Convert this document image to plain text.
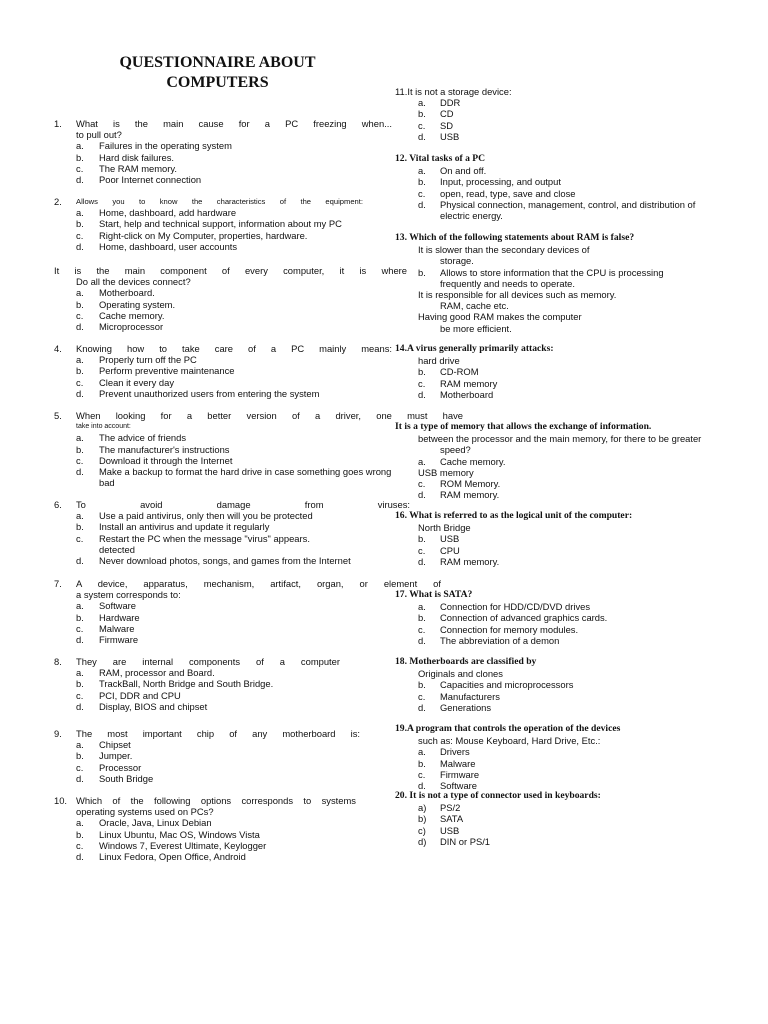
QUESTIONNAIRE ABOUT
COMPUTERS
1. What is the main cause for a PC freezing when...
to pull out?
a. Failures in the operating system
b. Hard disk failures.
c. The RAM memory.
d. Poor Internet connection
2. Allows you to know the characteristics of the equipment:
a. Home, dashboard, add hardware
b. Start, help and technical support, information about my PC
c. Right-click on My Computer, properties, hardware.
d. Home, dashboard, user accounts
It is the main component of every computer, it is where
Do all the devices connect?
a. Motherboard.
b. Operating system.
c. Cache memory.
d. Microprocessor
4. Knowing how to take care of a PC mainly means:
a. Properly turn off the PC
b. Perform preventive maintenance
c. Clean it every day
d. Prevent unauthorized users from entering the system
5. When looking for a better version of a driver, one must have
take into account:
a. The advice of friends
b. The manufacturer's instructions
c. Download it through the Internet
d. Make a backup to format the hard drive in case something goes wrong
bad
6. To avoid damage from viruses:
a. Use a paid antivirus, only then will you be protected
b. Install an antivirus and update it regularly
c. Restart the PC when the message "virus" appears.
detected
d. Never download photos, songs, and games from the Internet
7. A device, apparatus, mechanism, artifact, organ, or element of
a system corresponds to:
a. Software
b. Hardware
c. Malware
d. Firmware
8. They are internal components of a computer
a. RAM, processor and Board.
b. TrackBall, North Bridge and South Bridge.
c. PCI, DDR and CPU
d. Display, BIOS and chipset
9. The most important chip of any motherboard is:
a. Chipset
b. Jumper.
c. Processor
d. South Bridge
10. Which of the following options corresponds to systems
operating systems used on PCs?
a. Oracle, Java, Linux Debian
b. Linux Ubuntu, Mac OS, Windows Vista
c. Windows 7, Everest Ultimate, Keylogger
d. Linux Fedora, Open Office, Android
11.It is not a storage device:
a. DDR
b. CD
c. SD
d. USB
12. Vital tasks of a PC
a. On and off.
b. Input, processing, and output
c. open, read, type, save and close
d. Physical connection, management, control, and distribution of
electric energy.
13. Which of the following statements about RAM is false?
It is slower than the secondary devices of
storage.
b. Allows to store information that the CPU is processing
frequently and needs to operate.
It is responsible for all devices such as memory.
RAM, cache etc.
Having good RAM makes the computer
be more efficient.
14.A virus generally primarily attacks:
hard drive
b. CD-ROM
c. RAM memory
d. Motherboard
It is a type of memory that allows the exchange of information.
between the processor and the main memory, for there to be greater
speed?
a. Cache memory.
USB memory
c. ROM Memory.
d. RAM memory.
16. What is referred to as the logical unit of the computer:
North Bridge
b. USB
c. CPU
d. RAM memory.
17. What is SATA?
a. Connection for HDD/CD/DVD drives
b. Connection of advanced graphics cards.
c. Connection for memory modules.
d. The abbreviation of a demon
18. Motherboards are classified by
Originals and clones
b. Capacities and microprocessors
c. Manufacturers
d. Generations
19.A program that controls the operation of the devices
such as: Mouse Keyboard, Hard Drive, Etc.:
a. Drivers
b. Malware
c. Firmware
d. Software
20. It is not a type of connector used in keyboards:
a) PS/2
b) SATA
c) USB
d) DIN or PS/1
